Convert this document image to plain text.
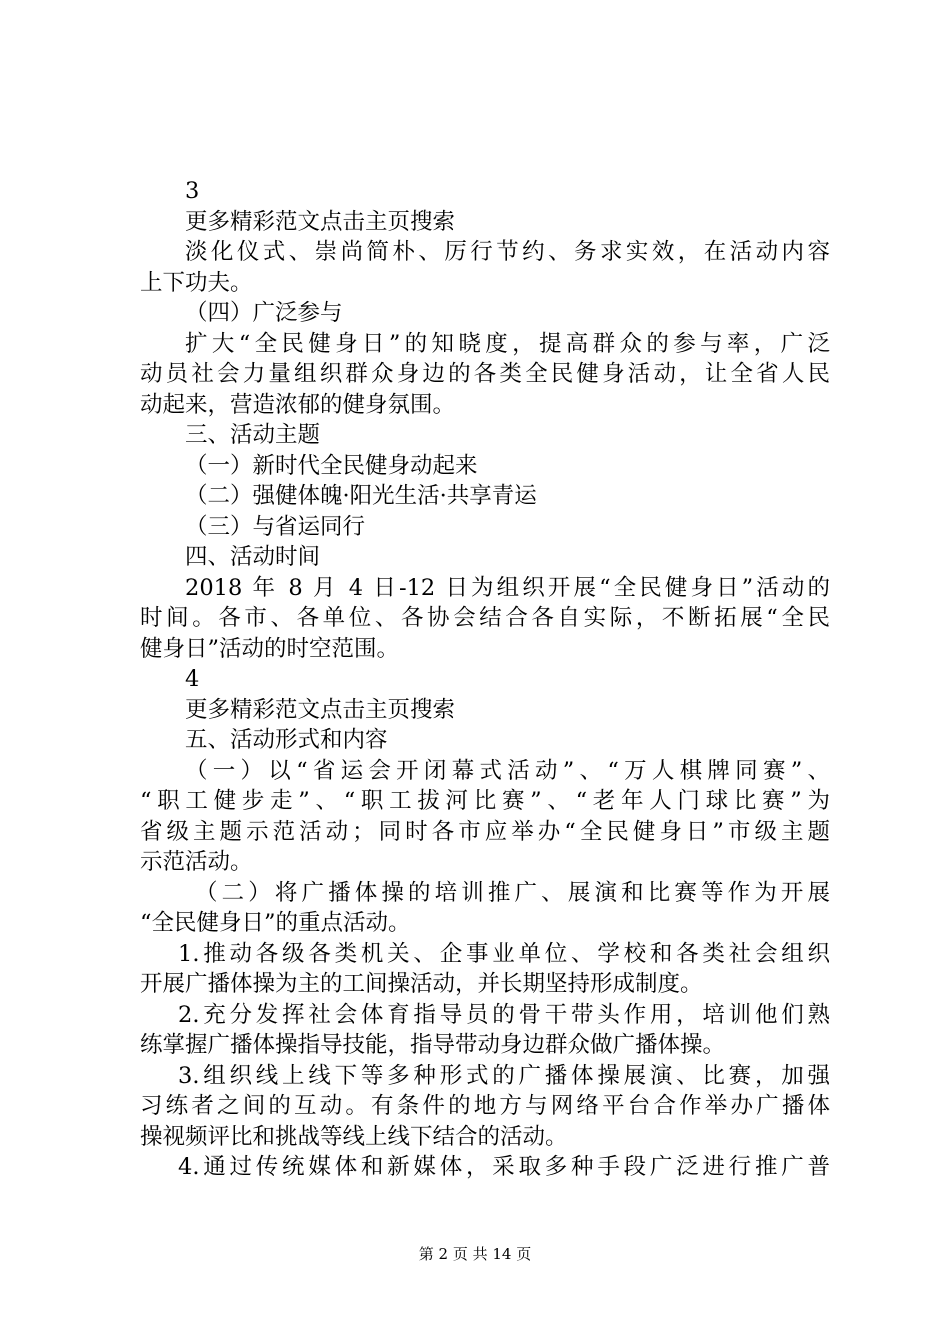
3
更多精彩范文点击主页搜索
淡化仪式、崇尚简朴、厉行节约、务求实效，在活动内容
上下功夫。
（四）广泛参与
扩大“全民健身日”的知晓度，提高群众的参与率，广泛
动员社会力量组织群众身边的各类全民健身活动，让全省人民
动起来，营造浓郁的健身氛围。
三、活动主题
（一）新时代全民健身动起来
（二）强健体魄·阳光生活·共享青运
（三）与省运同行
四、活动时间
2018 年 8 月 4 日-12 日为组织开展“全民健身日”活动的
时间。各市、各单位、各协会结合各自实际，不断拓展“全民
健身日”活动的时空范围。
4
更多精彩范文点击主页搜索
五、活动形式和内容
（一）以“省运会开闭幕式活动”、“万人棋牌同赛”、
“职工健步走”、“职工拔河比赛”、“老年人门球比赛”为
省级主题示范活动；同时各市应举办“全民健身日”市级主题
示范活动。
（二）将广播体操的培训推广、展演和比赛等作为开展
“全民健身日”的重点活动。
1.推动各级各类机关、企事业单位、学校和各类社会组织
开展广播体操为主的工间操活动，并长期坚持形成制度。
2.充分发挥社会体育指导员的骨干带头作用，培训他们熟
练掌握广播体操指导技能，指导带动身边群众做广播体操。
3.组织线上线下等多种形式的广播体操展演、比赛，加强
习练者之间的互动。有条件的地方与网络平台合作举办广播体
操视频评比和挑战等线上线下结合的活动。
4.通过传统媒体和新媒体，采取多种手段广泛进行推广普
第 2 页 共 14 页
